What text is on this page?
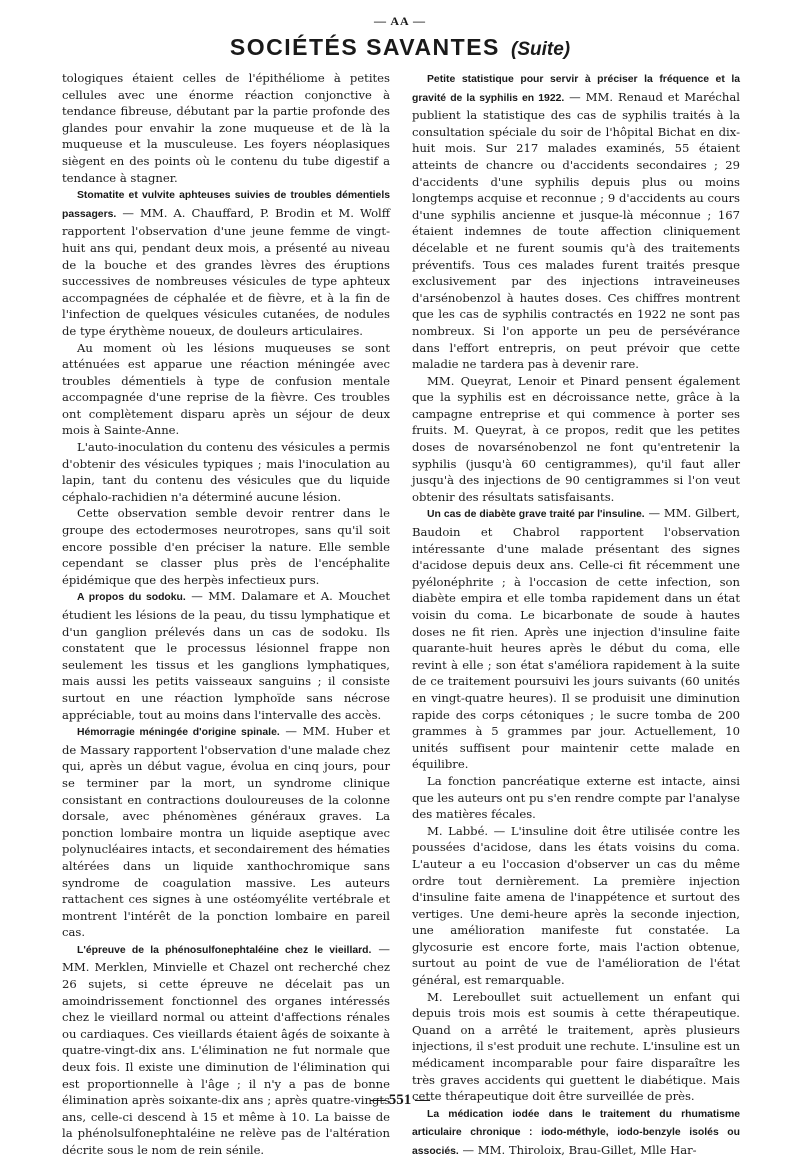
— AA —
SOCIÉTÉS SAVANTES (Suite)

tologiques étaient celles de l'épithéliome à petites cellules avec une énorme réaction conjonctive à tendance fibreuse, débutant par la partie profonde des glandes pour envahir la zone muqueuse et de là la muqueuse et la musculeuse. Les foyers néoplasiques siègent en des points où le contenu du tube digestif a tendance à stagner.

Stomatite et vulvite aphteuses suivies de troubles démentiels passagers. — MM. A. Chauffard, P. Brodin et M. Wolff rapportent l'observation d'une jeune femme de vingt-huit ans qui, pendant deux mois, a présenté au niveau de la bouche et des grandes lèvres des éruptions successives de nombreuses vésicules de type aphteux accompagnées de céphalée et de fièvre, et à la fin de l'infection de quelques vésicules cutanées, de nodules de type érythème noueux, de douleurs articulaires.

Au moment où les lésions muqueuses se sont atténuées est apparue une réaction méningée avec troubles démentiels à type de confusion mentale accompagnée d'une reprise de la fièvre. Ces troubles ont complètement disparu après un séjour de deux mois à Sainte-Anne.

L'auto-inoculation du contenu des vésicules a permis d'obtenir des vésicules typiques ; mais l'inoculation au lapin, tant du contenu des vésicules que du liquide céphalo-rachidien n'a déterminé aucune lésion.

Cette observation semble devoir rentrer dans le groupe des ectodermoses neurotropes, sans qu'il soit encore possible d'en préciser la nature. Elle semble cependant se classer plus près de l'encéphalite épidémique que des herpès infectieux purs.

A propos du sodoku. — MM. Dalamare et A. Mouchet étudient les lésions de la peau, du tissu lymphatique et d'un ganglion prélevés dans un cas de sodoku. Ils constatent que le processus lésionnel frappe non seulement les tissus et les ganglions lymphatiques, mais aussi les petits vaisseaux sanguins ; il consiste surtout en une réaction lymphoïde sans nécrose appréciable, tout au moins dans l'intervalle des accès.

Hémorragie méningée d'origine spinale. — MM. Huber et de Massary rapportent l'observation d'une malade chez qui, après un début vague, évolua en cinq jours, pour se terminer par la mort, un syndrome clinique consistant en contractions douloureuses de la colonne dorsale, avec phénomènes généraux graves. La ponction lombaire montra un liquide aseptique avec polynucléaires intacts, et secondairement des hématies altérées dans un liquide xanthochromique sans syndrome de coagulation massive. Les auteurs rattachent ces signes à une ostéomyélite vertébrale et montrent l'intérêt de la ponction lombaire en pareil cas.

L'épreuve de la phénosulfonephtaléine chez le vieillard. — MM. Merklen, Minvielle et Chazel ont recherché chez 26 sujets, si cette épreuve ne décelait pas un amoindrissement fonctionnel des organes intéressés chez le vieillard normal ou atteint d'affections rénales ou cardiaques. Ces vieillards étaient âgés de soixante à quatre-vingt-dix ans. L'élimination ne fut normale que deux fois. Il existe une diminution de l'élimination qui est proportionnelle à l'âge ; il n'y a pas de bonne élimination après soixante-dix ans ; après quatre-vingts ans, celle-ci descend à 15 et même à 10. La baisse de la phénolsulfonephtaléine ne relève pas de l'altération décrite sous le nom de rein sénile.

Petite statistique pour servir à préciser la fréquence et la gravité de la syphilis en 1922. — MM. Renaud et Maréchal publient la statistique des cas de syphilis traités à la consultation spéciale du soir de l'hôpital Bichat en dix-huit mois. Sur 217 malades examinés, 55 étaient atteints de chancre ou d'accidents secondaires ; 29 d'accidents d'une syphilis depuis plus ou moins longtemps acquise et reconnue ; 9 d'accidents au cours d'une syphilis ancienne et jusque-là méconnue ; 167 étaient indemnes de toute affection cliniquement décelable et ne furent soumis qu'à des traitements préventifs. Tous ces malades furent traités presque exclusivement par des injections intraveineuses d'arsénobenzol à hautes doses. Ces chiffres montrent que les cas de syphilis contractés en 1922 ne sont pas nombreux. Si l'on apporte un peu de persévérance dans l'effort entrepris, on peut prévoir que cette maladie ne tardera pas à devenir rare.

MM. Queyrat, Lenoir et Pinard pensent également que la syphilis est en décroissance nette, grâce à la campagne entreprise et qui commence à porter ses fruits. M. Queyrat, à ce propos, redit que les petites doses de novarsénobenzol ne font qu'entretenir la syphilis (jusqu'à 60 centigrammes), qu'il faut aller jusqu'à des injections de 90 centigrammes si l'on veut obtenir des résultats satisfaisants.

Un cas de diabète grave traité par l'insuline. — MM. Gilbert, Baudoin et Chabrol rapportent l'observation intéressante d'une malade présentant des signes d'acidose depuis deux ans. Celle-ci fit récemment une pyélonéphrite ; à l'occasion de cette infection, son diabète empira et elle tomba rapidement dans un état voisin du coma. Le bicarbonate de soude à hautes doses ne fit rien. Après une injection d'insuline faite quarante-huit heures après le début du coma, elle revint à elle ; son état s'améliora rapidement à la suite de ce traitement poursuivi les jours suivants (60 unités en vingt-quatre heures). Il se produisit une diminution rapide des corps cétoniques ; le sucre tomba de 200 grammes à 5 grammes par jour. Actuellement, 10 unités suffisent pour maintenir cette malade en équilibre.

La fonction pancréatique externe est intacte, ainsi que les auteurs ont pu s'en rendre compte par l'analyse des matières fécales.

M. Labbé. — L'insuline doit être utilisée contre les poussées d'acidose, dans les états voisins du coma. L'auteur a eu l'occasion d'observer un cas du même ordre tout dernièrement. La première injection d'insuline faite amena de l'inappétence et surtout des vertiges. Une demi-heure après la seconde injection, une amélioration manifeste fut constatée. La glycosurie est encore forte, mais l'action obtenue, surtout au point de vue de l'amélioration de l'état général, est remarquable.

M. Lereboullet suit actuellement un enfant qui depuis trois mois est soumis à cette thérapeutique. Quand on a arrêté le traitement, après plusieurs injections, il s'est produit une rechute. L'insuline est un médicament incomparable pour faire disparaître les très graves accidents qui guettent le diabétique. Mais cette thérapeutique doit être surveillée de près.

La médication iodée dans le traitement du rhumatisme articulaire chronique : iodo-méthyle, iodo-benzyle isolés ou associés. — MM. Thiroloix, Brau-Gillet, Mlle Har-

— 551 —
